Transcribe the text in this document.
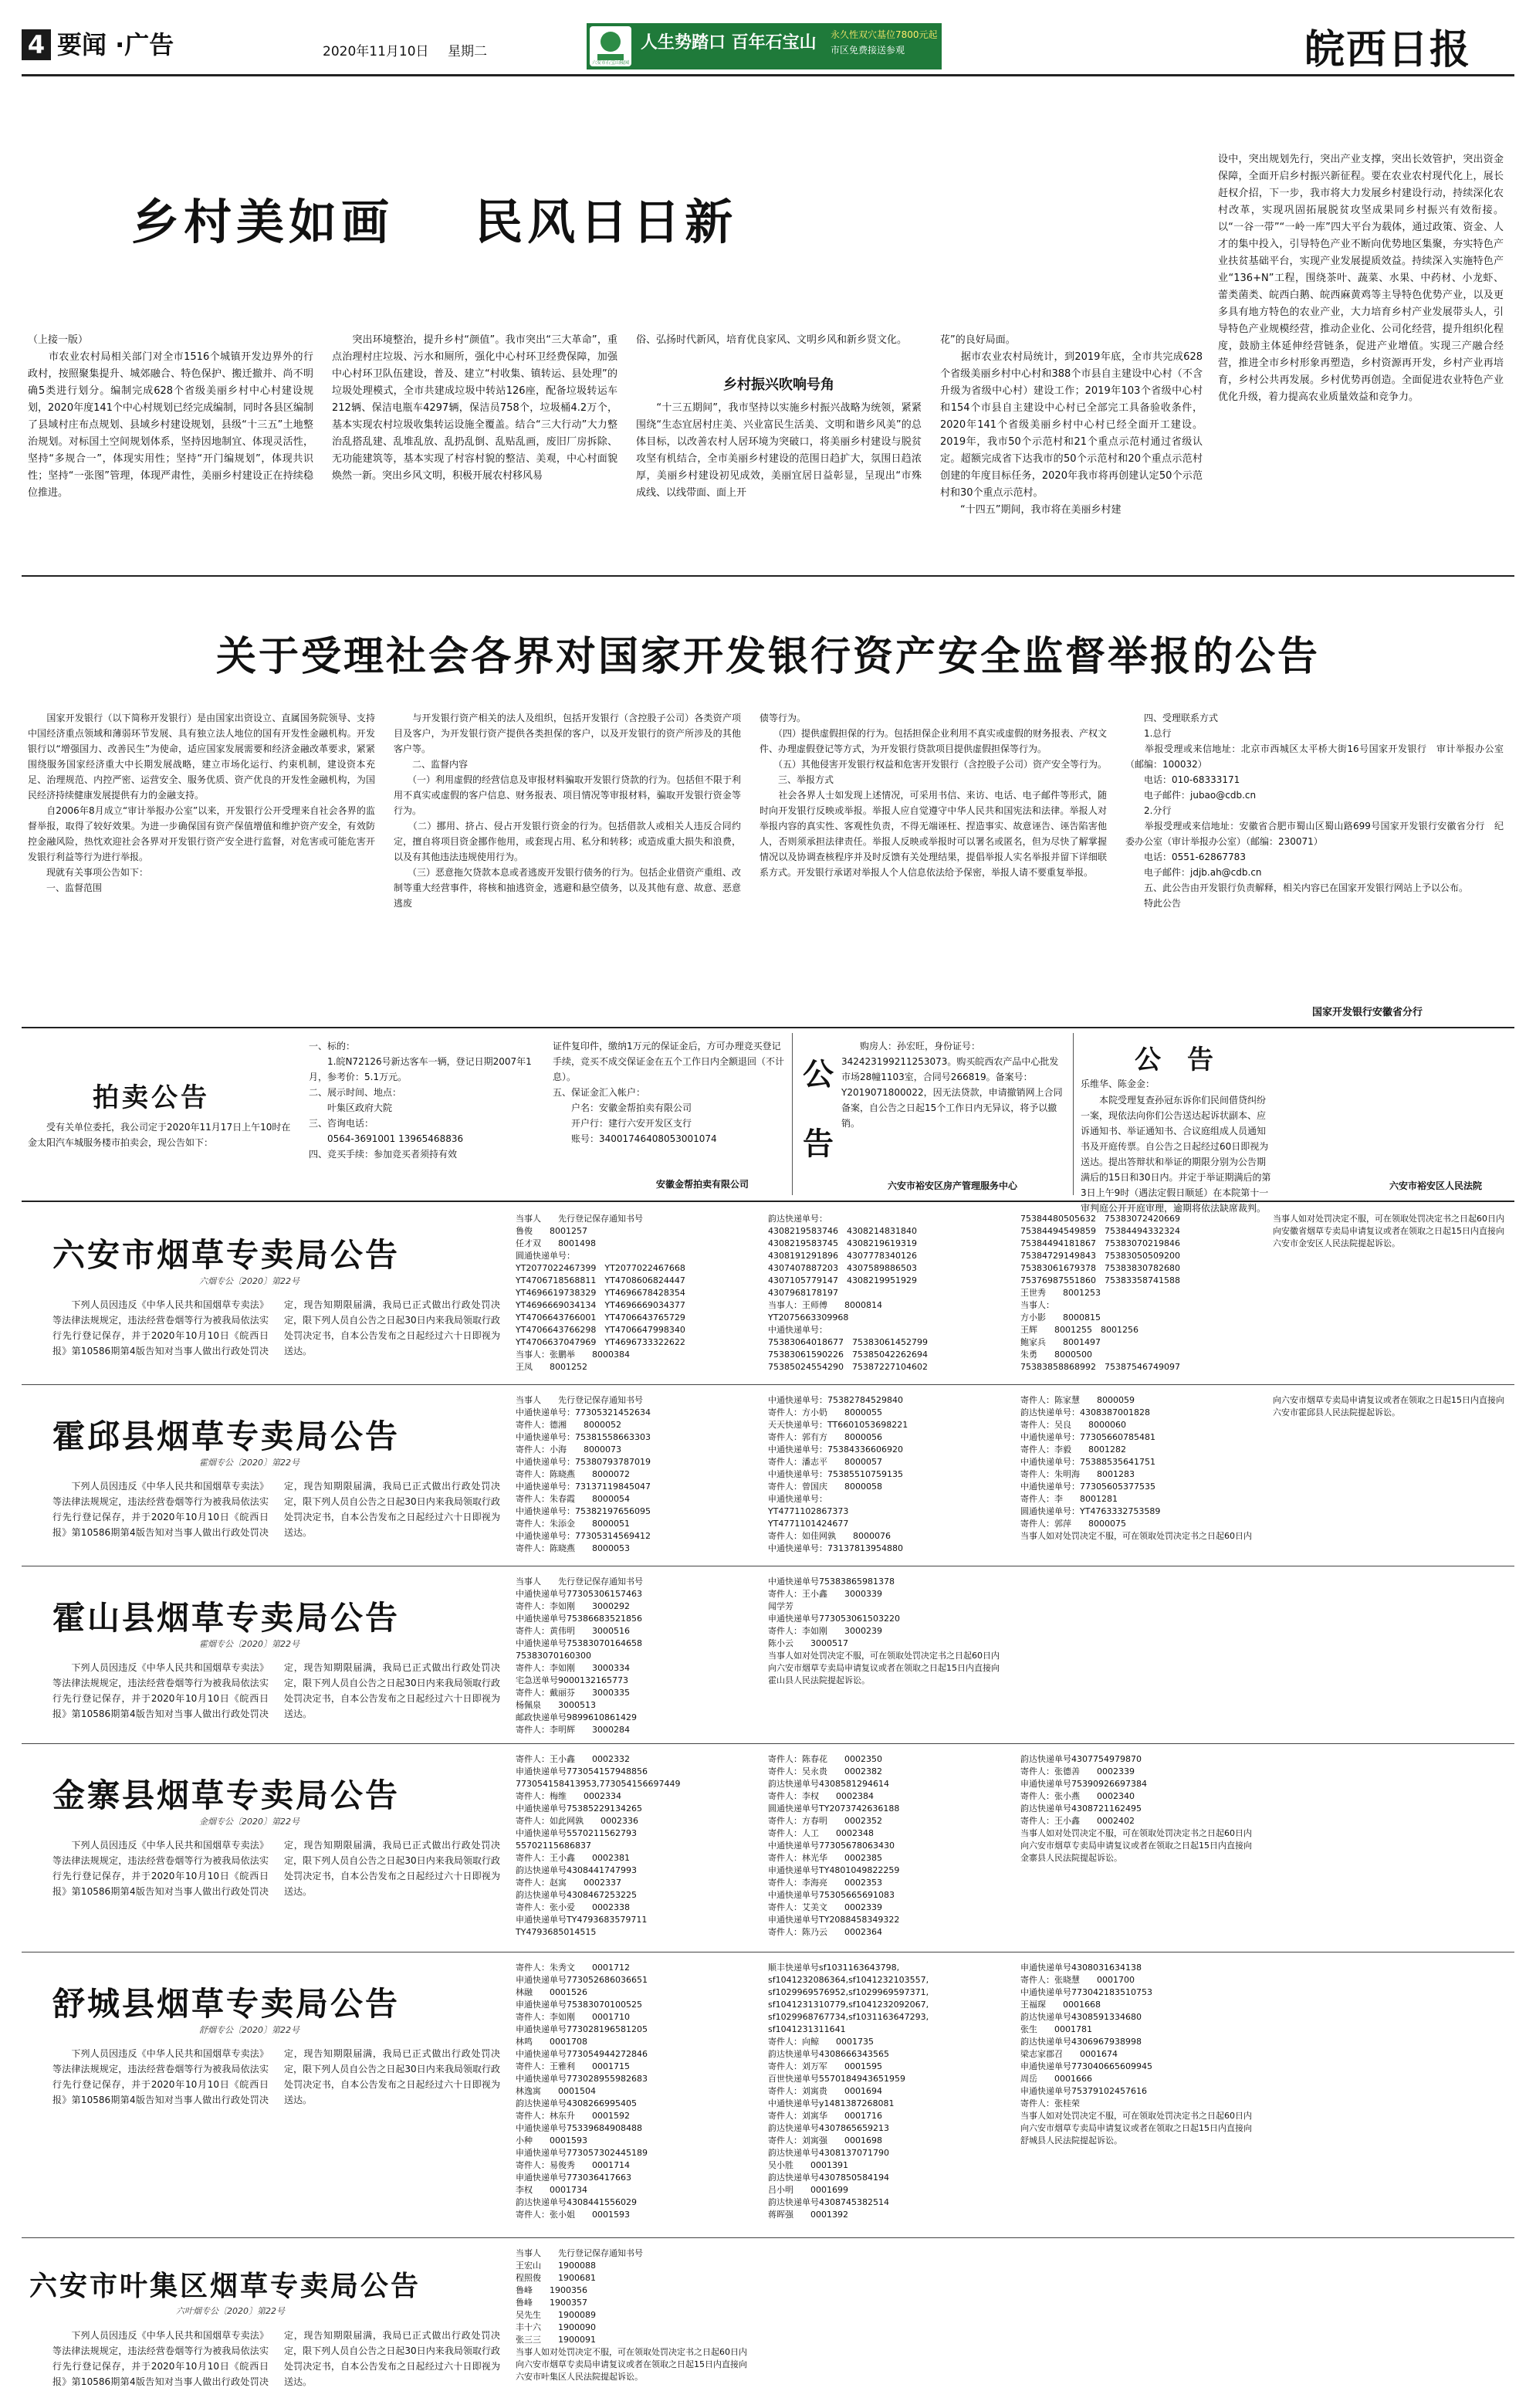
4 要闻 ·广告	2020年11月10日 星期二
六安市石宝山陵园
人生势踏口 百年石宝山 永久性双穴基位7800元起
市区免费接送参观	皖西日报
乡村美如画 民风日日新
（上接一版）
　　市农业农村局相关部门对全市1516个城镇开发边界外的行政村，按照聚集提升、城郊融合、特色保护、搬迁撤并、尚不明确5类进行划分。编制完成628个省级美丽乡村中心村建设规划，2020年度141个中心村规划已经完成编制，同时各县区编制了县域村庄布点规划、县域乡村建设规划，县级“十三五”土地整治规划。对标国土空间规划体系，坚持因地制宜、体现灵活性，坚持“多规合一”，体现实用性；坚持“开门编规划”，体现共识性；坚持“一张图”管理，体现严肃性，美丽乡村建设正在持续稳位推进。
　　突出环境整治，提升乡村“颜值”。我市突出“三大革命”，重点治理村庄垃圾、污水和厕所，强化中心村环卫经费保障，加强中心村环卫队伍建设，普及、建立“村收集、镇转运、县处理”的垃圾处理模式，全市共建成垃圾中转站126座，配备垃圾转运车212辆、保洁电瓶车4297辆，保洁员758个，垃圾桶4.2万个，基本实现农村垃圾收集转运设施全覆盖。结合“三大行动”大力整治乱搭乱建、乱堆乱放、乱扔乱倒、乱贴乱画，废旧厂房拆除、无功能建筑等，基本实现了村容村貌的整洁、美观，中心村面貌焕然一新。突出乡风文明，积极开展农村移风易
俗、弘扬时代新风，培育优良家风、文明乡风和新乡贤文化。
乡村振兴吹响号角
　　“十三五期间”，我市坚持以实施乡村振兴战略为统领，紧紧围绕“生态宜居村庄美、兴业富民生活美、文明和谐乡风美”的总体目标，以改善农村人居环境为突破口，将美丽乡村建设与脱贫攻坚有机结合，全市美丽乡村建设的范围日趋扩大，氛围日趋浓厚，美丽乡村建设初见成效，美丽宜居日益彰显，呈现出“市殊成线、以线带面、面上开
花”的良好局面。
　　据市农业农村局统计，到2019年底，全市共完成628个省级美丽乡村中心村和388个市县自主建设中心村（不含升级为省级中心村）建设工作；2019年103个省级中心村和154个市县自主建设中心村已全部完工具备验收条件，2020年141个省级美丽乡村中心村已经全面开工建设。2019年，我市50个示范村和21个重点示范村通过省级认定。超额完成省下达我市的50个示范村和20个重点示范村创建的年度目标任务，2020年我市将再创建认定50个示范村和30个重点示范村。
　　“十四五”期间，我市将在美丽乡村建
设中，突出规划先行，突出产业支撑，突出长效管护，突出资金保障，全面开启乡村振兴新征程。要在农业农村现代化上，展长赶权介招，下一步，我市将大力发展乡村建设行动，持续深化农村改革，实现巩固拓展脱贫攻坚成果同乡村振兴有效衔接。以“一谷一带”“一岭一库”四大平台为载体，通过政策、资金、人才的集中投入，引导特色产业不断向优势地区集聚，夯实特色产业扶贫基础平台，实现产业发展提质效益。持续深入实施特色产业“136+N”工程，围绕茶叶、蔬菜、水果、中药材、小龙虾、蕾类菌类、皖西白鹅、皖西麻黄鸡等主导特色优势产业，以及更多具有地方特色的农业产业，大力培育乡村产业发展带头人，引导特色产业规模经营，推动企业化、公司化经营，提升组织化程度，鼓励主体延伸经营链条，促进产业增值。实现三产融合经营，推进全市乡村形象再塑造，乡村资源再开发，乡村产业再培育，乡村公共再发展。乡村优势再创造。全面促进农业特色产业优化升级，着力提高农业质量效益和竞争力。
关于受理社会各界对国家开发银行资产安全监督举报的公告
　　国家开发银行（以下简称开发银行）是由国家出资设立、直属国务院领导、支持中国经济重点领域和薄弱环节发展、具有独立法人地位的国有开发性金融机构。开发银行以“增强国力、改善民生”为使命，适应国家发展需要和经济金融改革要求，紧紧围绕服务国家经济重大中长期发展战略，建立市场化运行、约束机制，建设资本充足、治理规范、内控严密、运营安全、服务优质、资产优良的开发性金融机构，为国民经济持续健康发展提供有力的金融支持。
　　自2006年8月成立“审计举报办公室”以来，开发银行公开受理来自社会各界的监督举报，取得了较好效果。为进一步确保国有资产保值增值和维护资产安全，有效防控金融风险，热忱欢迎社会各界对开发银行资产安全进行监督，对危害或可能危害开发银行利益等行为进行举报。
　　现就有关事项公告如下：
　　一、监督范围
　　与开发银行资产相关的法人及组织，包括开发银行（含控股子公司）各类资产项目及客户，为开发银行资产提供各类担保的客户，以及开发银行的资产所涉及的其他客户等。
　　二、监督内容
　　（一）利用虚假的经营信息及审报材料骗取开发银行贷款的行为。包括但不限于利用不真实或虚假的客户信息、财务报表、项目情况等审报材料，骗取开发银行资金等行为。
　　（二）挪用、挤占、侵占开发银行资金的行为。包括借款人或相关人违反合同约定，擅自将项目资金挪作他用，或套现占用、私分和转移；或造成重大损失和浪费，以及有其他违法违规使用行为。
　　（三）恶意拖欠贷款本息或者逃废开发银行债务的行为。包括企业借资产重组、改制等重大经营事件，将核和抽逃资金，逃避和悬空债务，以及其他有意、故意、恶意逃废
债等行为。
　　（四）提供虚假担保的行为。包括担保企业利用不真实或虚假的财务报表、产权文件、办理虚假登记等方式，为开发银行贷款项目提供虚假担保等行为。
　　（五）其他侵害开发银行权益和危害开发银行（含控股子公司）资产安全等行为。
　　三、举报方式
　　社会各界人士如发现上述情况，可采用书信、来访、电话、电子邮件等形式，随时向开发银行反映或举报。举报人应自觉遵守中华人民共和国宪法和法律。举报人对举报内容的真实性、客观性负责，不得无端诬枉、捏造事实、故意诬告、诬告陷害他人，否则须承担法律责任。举报人反映或举报时可以署名或匿名，但为尽快了解掌握情况以及协调查核程序并及时反馈有关处理结果，提倡举报人实名举报并留下详细联系方式。开发银行承诺对举报人个人信息依法给予保密，举报人请不要重复举报。
　　四、受理联系方式
　　1.总行
　　举报受理或来信地址：北京市西城区太平桥大街16号国家开发银行　审计举报办公室（邮编：100032）
　　电话：010-68333171
　　电子邮件：jubao@cdb.cn
　　2.分行
　　举报受理或来信地址：安徽省合肥市蜀山区蜀山路699号国家开发银行安徽省分行　纪委办公室（审计举报办公室）（邮编：230071）
　　电话：0551-62867783
　　电子邮件：jdjb.ah@cdb.cn
　　五、此公告由开发银行负责解释，相关内容已在国家开发银行网站上予以公布。
　　特此公告
国家开发银行安徽省分行
拍卖公告
　　受有关单位委托，我公司定于2020年11月17日上午10时在金太阳汽车城服务楼市拍卖会，现公告如下：
一、标的：
　　1.皖N72126号新达客车一辆，登记日期2007年1月，参考价：5.1万元。
二、展示时间、地点：
　　叶集区政府大院
三、咨询电话：
　　0564-3691001 13965468836
四、竞买手续：参加竞买者须持有效
证件复印件，缴纳1万元的保证金后，方可办理竞买登记手续，竞买不成交保证金在五个工作日内全额退回（不计息）。
五、保证金汇入帐户：
　　户名：安徽金帮拍卖有限公司
　　开户行：建行六安开发区支行
　　账号：34001746408053001074
安徽金帮拍卖有限公司
公
告
　　购房人：孙宏旺，身份证号：342423199211253073。购买皖西农产品中心批发市场28幢1103室，合同号266819。备案号：Y2019071800022，因无法贷款，申请撤销网上合同备案，自公告之日起15个工作日内无异议，将予以撤销。
六安市裕安区房产管理服务中心
公　告
乐维华、陈金金：
　　本院受理复查孙冠东诉你们民间借贷纠纷一案，现依法向你们公告送达起诉状副本、应诉通知书、举证通知书、合议庭组成人员通知书及开庭传票。自公告之日起经过60日即视为送达。提出答辩状和举证的期限分别为公告期满后的15日和30日内。并定于举证期满后的第3日上午9时（遇法定假日顺延）在本院第十一审判庭公开开庭审理，逾期将依法缺席裁判。
六安市裕安区人民法院
六安市烟草专卖局公告
六烟专公〔2020〕第22号
　　下列人员因违反《中华人民共和国烟草专卖法》等法律法规规定，违法经营卷烟等行为被我局依法实行先行登记保存，并于2020年10月10日《皖西日报》第10586期第4版告知对当事人做出行政处罚决定，现告知期限届满，我局已正式做出行政处罚决定，限下列人员自公告之日起30日内来我局领取行政处罚决定书，自本公告发布之日起经过六十日即视为送达。
当事人　　先行登记保存通知书号
鲁俊　　8001257
任才双　　8001498
圆通快递单号：
YT2077022467399　YT2077022467668
YT4706718568811　YT4708606824447
YT4696619738329　YT4696678428354
YT4696669034134　YT4696669034377
YT4706643766001　YT4706643765729
YT4706643766298　YT4706647998340
YT4706637047969　YT4696733322622
当事人：张鹏举　　8000384
王凤　　8001252
韵达快递单号：
4308219583746　4308214831840
4308219583745　4308219619319
4308191291896　4307778340126
4307407887203　4307589886503
4307105779147　4308219951929
4307968178197
当事人：王师傅　　8000814
YT2075663309968
中通快递单号：
75383064018677　75383061452799
75383061590226　75385042262694
75385024554290　75387227104602
75384480505632　75383072420669
75384494549859　75384494332324
75384494181867　75383070219846
75384729149843　75383050509200
75383061679378　75383830782680
75376987551860　75383358741588
王世秀　　8001253
当事人：
方小影　　8000815
王辉　　8001255　8001256
鲍家兵　　8001497
朱勇　　8000500
75383858868992　75387546749097
当事人如对处罚决定不服，可在领取处罚决定书之日起60日内向安徽省烟草专卖局申请复议或者在领取之日起15日内直接向六安市金安区人民法院提起诉讼。
霍邱县烟草专卖局公告
霍烟专公〔2020〕第22号
　　下列人员因违反《中华人民共和国烟草专卖法》等法律法规规定，违法经营卷烟等行为被我局依法实行先行登记保存，并于2020年10月10日《皖西日报》第10586期第4版告知对当事人做出行政处罚决定，现告知期限届满，我局已正式做出行政处罚决定，限下列人员自公告之日起30日内来我局领取行政处罚决定书，自本公告发布之日起经过六十日即视为送达。
当事人　　先行登记保存通知书号
中通快递单号：77305321452634
寄件人：德湘　　8000052
中通快递单号：75381558663303
寄件人：小海　　8000073
中通快递单号：75380793787019
寄件人：陈晓燕　　8000072
中通快递单号：73137119845047
寄件人：朱春霞　　8000054
中通快递单号：75382197656095
寄件人：朱添金　　8000051
中通快递单号：77305314569412
寄件人：陈晓燕　　8000053
中通快递单号：75382784529840
寄件人：方小奶　　8000055
天天快递单号：TT6601053698221
寄件人：郭有方　　8000056
中通快递单号：75384336606920
寄件人：潘志平　　8000057
中通快递单号：75385510759135
寄件人：曾国庆　　8000058
申通快递单号：
YT4771102867373
YT4771101424677
寄件人：如佳网孰　　8000076
中通快递单号：73137813954880
寄件人：陈家慧　　8000059
韵达快递单号：4308387001828
寄件人：吴良　　8000060
中通快递单号：77305660785481
寄件人：李毅　　8001282
中通快递单号：75388535641751
寄件人：朱明海　　8001283
中通快递单号：77305605377535
寄件人：李　　8001281
圆通快递单号：YT4763332753589
寄件人：郭萍　　8000075
当事人如对处罚决定不服，可在领取处罚决定书之日起60日内向六安市烟草专卖局申请复议或者在领取之日起15日内直接向六安市霍邱县人民法院提起诉讼。
霍山县烟草专卖局公告
霍烟专公〔2020〕第22号
　　下列人员因违反《中华人民共和国烟草专卖法》等法律法规规定，违法经营卷烟等行为被我局依法实行先行登记保存，并于2020年10月10日《皖西日报》第10586期第4版告知对当事人做出行政处罚决定，现告知期限届满，我局已正式做出行政处罚决定，限下列人员自公告之日起30日内来我局领取行政处罚决定书，自本公告发布之日起经过六十日即视为送达。
当事人　　先行登记保存通知书号
中通快递单号77305306157463
寄件人：李如刚　　3000292
中通快递单号75386683521856
寄件人：黄伟明　　3000516
中通快递单号75383070164658
75383070160300
寄件人：李如刚　　3000334
宅急送单号9000132165773
寄件人：戴丽芬　　3000335
杨佩泉　　3000513
邮政快递单号9899610861429
寄件人：李明辉　　3000284
中通快递单号75383865981378
寄件人：王小鑫　　3000339
闻学芳
申通快递单号773053061503220
寄件人：李如刚　　3000239
陈小云　　3000517
当事人如对处罚决定不服，可在领取处罚决定书之日起60日内向六安市烟草专卖局申请复议或者在领取之日起15日内直接向霍山县人民法院提起诉讼。
金寨县烟草专卖局公告
金烟专公〔2020〕第22号
　　下列人员因违反《中华人民共和国烟草专卖法》等法律法规规定，违法经营卷烟等行为被我局依法实行先行登记保存，并于2020年10月10日《皖西日报》第10586期第4版告知对当事人做出行政处罚决定，现告知期限届满，我局已正式做出行政处罚决定，限下列人员自公告之日起30日内来我局领取行政处罚决定书，自本公告发布之日起经过六十日即视为送达。
寄件人：王小鑫　　0002332
申通快递单号773054157948856
773054158413953,773054156697449
寄件人：梅维　　0002334
中通快递单号75385229134265
寄件人：如此网孰　　0002336
中通快递单号5570211562793
55702115686837
寄件人：王小鑫　　0002381
韵达快递单号4308441747993
寄件人：赵寓　　0002337
韵达快递单号4308467253225
寄件人：张小爱　　0002338
申通快递单号TY4793683579711
TY4793685014515
寄件人：陈春花　　0002350
寄件人：吴永贵　　0002382
韵达快递单号4308581294614
寄件人：李权　　0002384
圆通快递单号TY2073742636188
寄件人：方春明　　0002352
寄件人：人工　　0002348
中通快递单号77305678063430
寄件人：林光华　　0002385
申通快递单号TY4801049822259
寄件人：李海亮　　0002353
中通快递单号75305665691083
寄件人：艾美文　　0002339
申通快递单号TY2088458349322
寄件人：陈乃云　　0002364
韵达快递单号4307754979870
寄件人：张德善　　0002339
申通快递单号75390926697384
寄件人：张小燕　　0002340
韵达快递单号4308721162495
寄件人：王小鑫　　0002402
当事人如对处罚决定不服，可在领取处罚决定书之日起60日内向六安市烟草专卖局申请复议或者在领取之日起15日内直接向金寨县人民法院提起诉讼。
舒城县烟草专卖局公告
舒烟专公〔2020〕第22号
　　下列人员因违反《中华人民共和国烟草专卖法》等法律法规规定，违法经营卷烟等行为被我局依法实行先行登记保存，并于2020年10月10日《皖西日报》第10586期第4版告知对当事人做出行政处罚决定，现告知期限届满，我局已正式做出行政处罚决定，限下列人员自公告之日起30日内来我局领取行政处罚决定书，自本公告发布之日起经过六十日即视为送达。
寄件人：朱秀文　　0001712
申通快递单号773052686036651
林融　　0001526
申通快递单号75383070100525
寄件人：李如刚　　0001710
申通快递单号773028196581205
林鸣　　0001708
中通快递单号773054944272846
寄件人：王雅利　　0001715
中通快递单号773028955982683
林逸寓　　0001504
韵达快递单号4308266995405
寄件人：林东升　　0001592
中通快递单号75339684908488
小种　　0001593
申通快递单号773057302445189
寄件人：易俊秀　　0001714
申通快递单号773036417663
李权　　0001734
韵达快递单号4308441556029
寄件人：张小姐　　0001593
顺丰快递单号sf1031163643798,
sf1041232086364,sf1041232103557,
sf1029969576952,sf1029969597371,
sf1041231310779,sf1041232092067,
sf1029968767734,sf1031163647293,
sf1041231311641
寄件人：向鲸　　0001735
韵达快递单号4308666343565
寄件人：刘万军　　0001595
百世快递单号5570184943651959
寄件人：刘寓贵　　0001694
中通快递单号y1481387268081
寄件人：刘寓华　　0001716
韵达快递单号4307865659213
寄件人：刘寓强　　0001698
韵达快递单号4308137071790
吴小胜　　0001391
韵达快递单号4307850584194
吕小明　　0001699
韵达快递单号4308745382514
蒋晖强　　0001392
申通快递单号4308031634138
寄件人：张晓慧　　0001700
中通快递单号773042183510753
王福琛　　0001668
韵达快递单号4308591334680
张生　　0001781
韵达快递单号4306967938998
梁志家郡召　　0001674
申通快递单号773040665609945
周岳　　0001666
申通快递单号75379102457616
寄件人：张桂荣
当事人如对处罚决定不服，可在领取处罚决定书之日起60日内向六安市烟草专卖局申请复议或者在领取之日起15日内直接向舒城县人民法院提起诉讼。
六安市叶集区烟草专卖局公告
六叶烟专公〔2020〕第22号
　　下列人员因违反《中华人民共和国烟草专卖法》等法律法规规定，违法经营卷烟等行为被我局依法实行先行登记保存，并于2020年10月10日《皖西日报》第10586期第4版告知对当事人做出行政处罚决定，现告知期限届满，我局已正式做出行政处罚决定，限下列人员自公告之日起30日内来我局领取行政处罚决定书，自本公告发布之日起经过六十日即视为送达。
当事人　　先行登记保存通知书号
王宏山　　1900088
程照俊　　1900681
鲁峰　　1900356
鲁峰　　1900357
吴先生　　1900089
丰十六　　1900090
张三三　　1900091
当事人如对处罚决定不服，可在领取处罚决定书之日起60日内向六安市烟草专卖局申请复议或者在领取之日起15日内直接向六安市叶集区人民法院提起诉讼。
